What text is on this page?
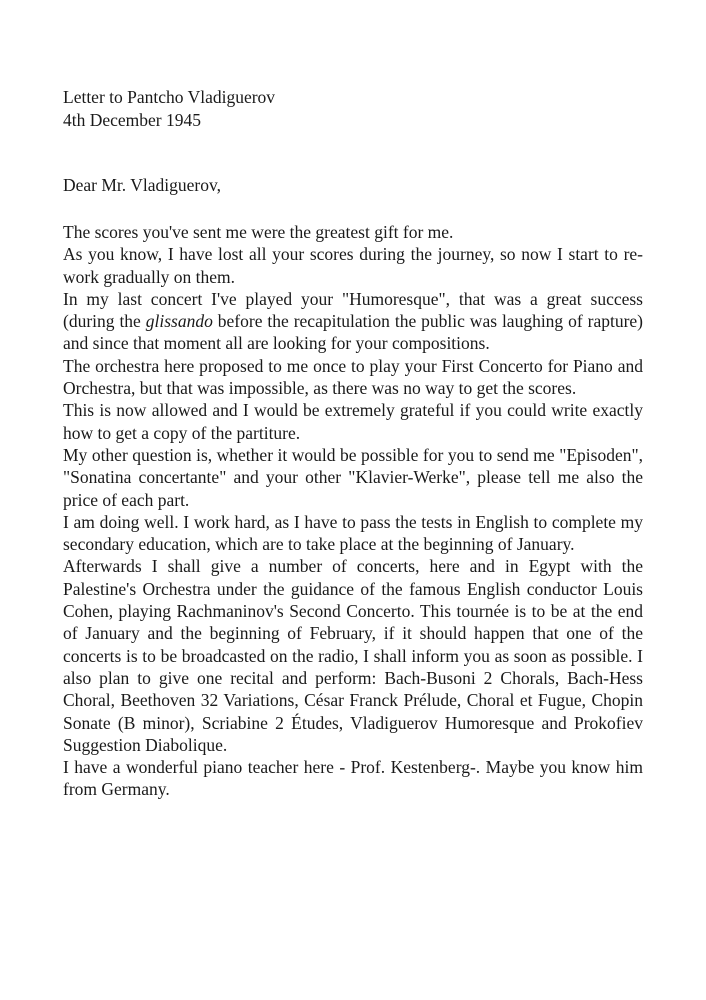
Letter to Pantcho Vladiguerov
4th December 1945
Dear Mr. Vladiguerov,

The scores you've sent me were the greatest gift for me.

As you know, I have lost all your scores during the journey, so now I start to re-work gradually on them.

In my last concert I've played your "Humoresque", that was a great success (during the glissando before the recapitulation the public was laughing of rapture) and since that moment all are looking for your compositions.

The orchestra here proposed to me once to play your First Concerto for Piano and Orchestra, but that was impossible, as there was no way to get the scores.

This is now allowed and I would be extremely grateful if you could write exactly how to get a copy of the partiture.

My other question is, whether it would be possible for you to send me "Episoden", "Sonatina concertante" and your other "Klavier-Werke", please tell me also the price of each part.

I am doing well. I work hard, as I have to pass the tests in English to complete my secondary education, which are to take place at the beginning of January.

Afterwards I shall give a number of concerts, here and in Egypt with the Palestine's Orchestra under the guidance of the famous English conductor Louis Cohen, playing Rachmaninov's Second Concerto. This tournée is to be at the end of January and the beginning of February, if it should happen that one of the concerts is to be broadcasted on the radio, I shall inform you as soon as possible. I also plan to give one recital and perform: Bach-Busoni 2 Chorals, Bach-Hess Choral, Beethoven 32 Variations, César Franck Prélude, Choral et Fugue, Chopin Sonate (B minor), Scriabine 2 Études, Vladiguerov Humoresque and Prokofiev Suggestion Diabolique.

I have a wonderful piano teacher here - Prof. Kestenberg-. Maybe you know him from Germany.
